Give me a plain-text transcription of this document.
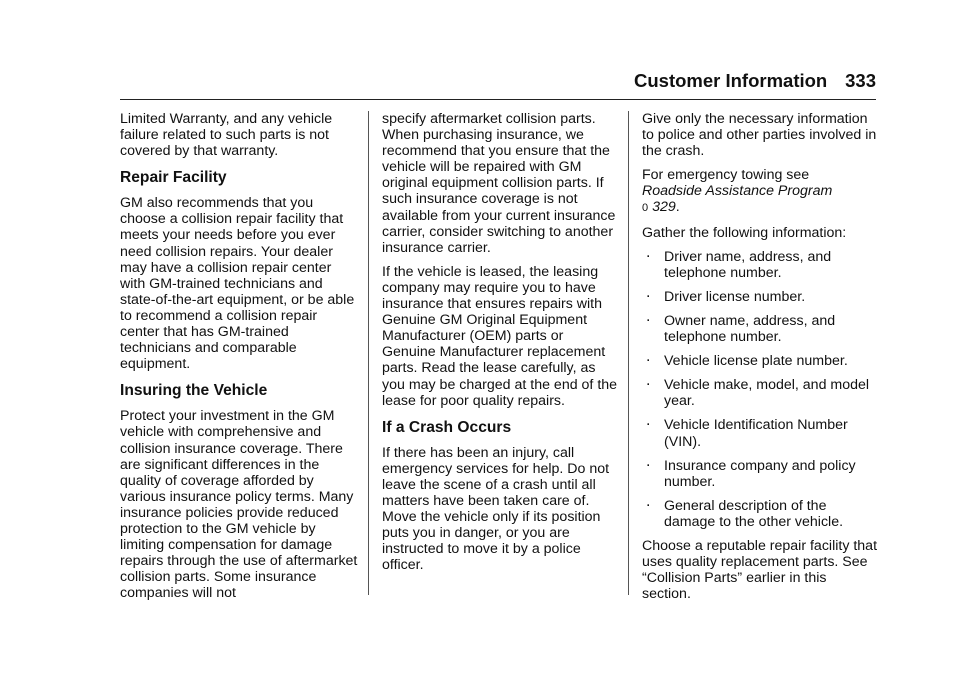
Customer Information 333

Limited Warranty, and any vehicle failure related to such parts is not covered by that warranty.

Repair Facility

GM also recommends that you choose a collision repair facility that meets your needs before you ever need collision repairs. Your dealer may have a collision repair center with GM-trained technicians and state-of-the-art equipment, or be able to recommend a collision repair center that has GM-trained technicians and comparable equipment.

Insuring the Vehicle

Protect your investment in the GM vehicle with comprehensive and collision insurance coverage. There are significant differences in the quality of coverage afforded by various insurance policy terms. Many insurance policies provide reduced protection to the GM vehicle by limiting compensation for damage repairs through the use of aftermarket collision parts. Some insurance companies will not

specify aftermarket collision parts. When purchasing insurance, we recommend that you ensure that the vehicle will be repaired with GM original equipment collision parts. If such insurance coverage is not available from your current insurance carrier, consider switching to another insurance carrier.

If the vehicle is leased, the leasing company may require you to have insurance that ensures repairs with Genuine GM Original Equipment Manufacturer (OEM) parts or Genuine Manufacturer replacement parts. Read the lease carefully, as you may be charged at the end of the lease for poor quality repairs.

If a Crash Occurs

If there has been an injury, call emergency services for help. Do not leave the scene of a crash until all matters have been taken care of. Move the vehicle only if its position puts you in danger, or you are instructed to move it by a police officer.

Give only the necessary information to police and other parties involved in the crash.

For emergency towing see
Roadside Assistance Program
0 329.

Gather the following information:

. Driver name, address, and telephone number.
. Driver license number.
. Owner name, address, and telephone number.
. Vehicle license plate number.
. Vehicle make, model, and model year.
. Vehicle Identification Number (VIN).
. Insurance company and policy number.
. General description of the damage to the other vehicle.

Choose a reputable repair facility that uses quality replacement parts. See “Collision Parts” earlier in this section.
